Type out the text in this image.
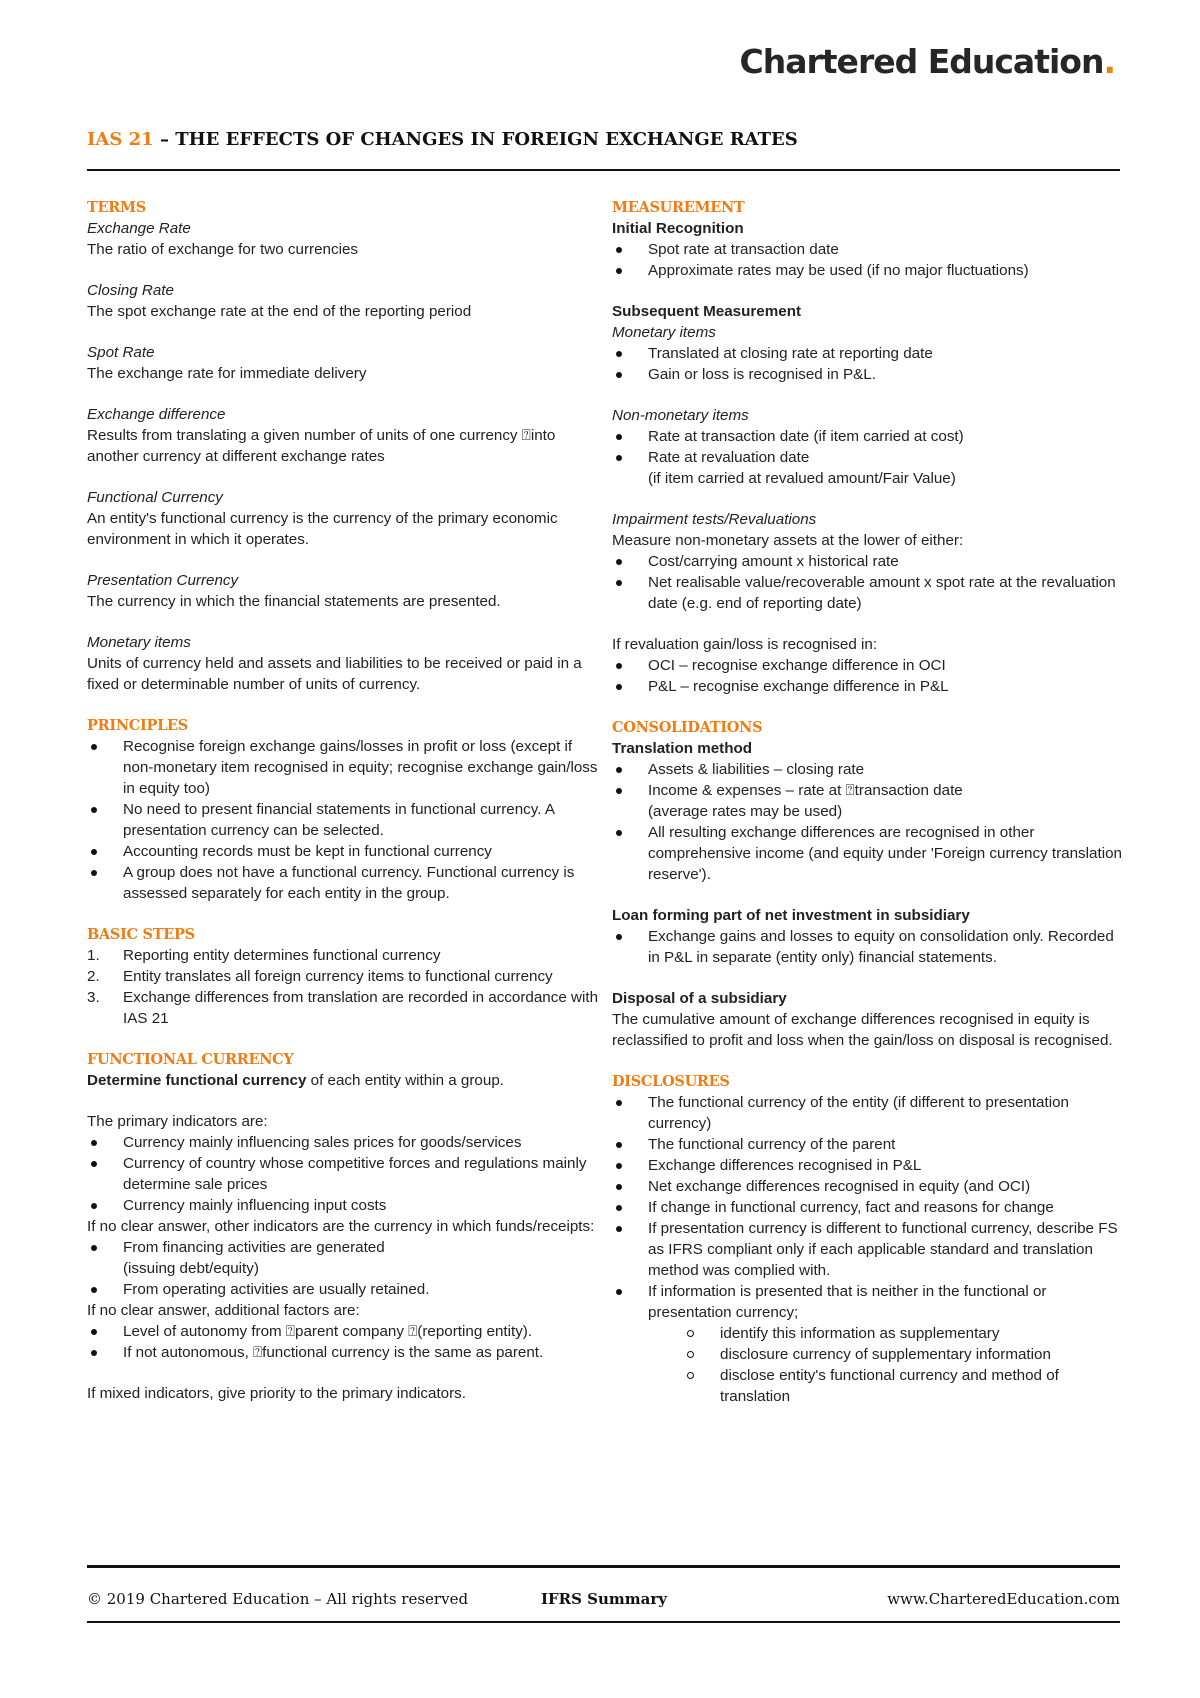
Chartered Education.
IAS 21 – THE EFFECTS OF CHANGES IN FOREIGN EXCHANGE RATES
TERMS
Exchange Rate
The ratio of exchange for two currencies
Closing Rate
The spot exchange rate at the end of the reporting period
Spot Rate
The exchange rate for immediate delivery
Exchange difference
Results from translating a given number of units of one currency ⍰into another currency at different exchange rates
Functional Currency
An entity's functional currency is the currency of the primary economic environment in which it operates.
Presentation Currency
The currency in which the financial statements are presented.
Monetary items
Units of currency held and assets and liabilities to be received or paid in a fixed or determinable number of units of currency.
PRINCIPLES
Recognise foreign exchange gains/losses in profit or loss (except if non-monetary item recognised in equity; recognise exchange gain/loss in equity too)
No need to present financial statements in functional currency. A presentation currency can be selected.
Accounting records must be kept in functional currency
A group does not have a functional currency. Functional currency is assessed separately for each entity in the group.
BASIC STEPS
1. Reporting entity determines functional currency
2. Entity translates all foreign currency items to functional currency
3. Exchange differences from translation are recorded in accordance with IAS 21
FUNCTIONAL CURRENCY
Determine functional currency of each entity within a group.
The primary indicators are:
Currency mainly influencing sales prices for goods/services
Currency of country whose competitive forces and regulations mainly determine sale prices
Currency mainly influencing input costs
If no clear answer, other indicators are the currency in which funds/receipts:
From financing activities are generated
(issuing debt/equity)
From operating activities are usually retained.
If no clear answer, additional factors are:
Level of autonomy from ⍰parent company ⍰(reporting entity).
If not autonomous, ⍰functional currency is the same as parent.
If mixed indicators, give priority to the primary indicators.
MEASUREMENT
Initial Recognition
Spot rate at transaction date
Approximate rates may be used (if no major fluctuations)
Subsequent Measurement
Monetary items
Translated at closing rate at reporting date
Gain or loss is recognised in P&L.
Non-monetary items
Rate at transaction date (if item carried at cost)
Rate at revaluation date
(if item carried at revalued amount/Fair Value)
Impairment tests/Revaluations
Measure non-monetary assets at the lower of either:
Cost/carrying amount x historical rate
Net realisable value/recoverable amount x spot rate at the revaluation date (e.g. end of reporting date)
If revaluation gain/loss is recognised in:
OCI – recognise exchange difference in OCI
P&L – recognise exchange difference in P&L
CONSOLIDATIONS
Translation method
Assets & liabilities – closing rate
Income & expenses – rate at ⍰transaction date
(average rates may be used)
All resulting exchange differences are recognised in other comprehensive income (and equity under 'Foreign currency translation reserve').
Loan forming part of net investment in subsidiary
Exchange gains and losses to equity on consolidation only. Recorded in P&L in separate (entity only) financial statements.
Disposal of a subsidiary
The cumulative amount of exchange differences recognised in equity is reclassified to profit and loss when the gain/loss on disposal is recognised.
DISCLOSURES
The functional currency of the entity (if different to presentation currency)
The functional currency of the parent
Exchange differences recognised in P&L
Net exchange differences recognised in equity (and OCI)
If change in functional currency, fact and reasons for change
If presentation currency is different to functional currency, describe FS as IFRS compliant only if each applicable standard and translation method was complied with.
If information is presented that is neither in the functional or presentation currency;
identify this information as supplementary
disclosure currency of supplementary information
disclose entity's functional currency and method of translation
© 2019 Chartered Education – All rights reserved	IFRS Summary	www.CharteredEducation.com
